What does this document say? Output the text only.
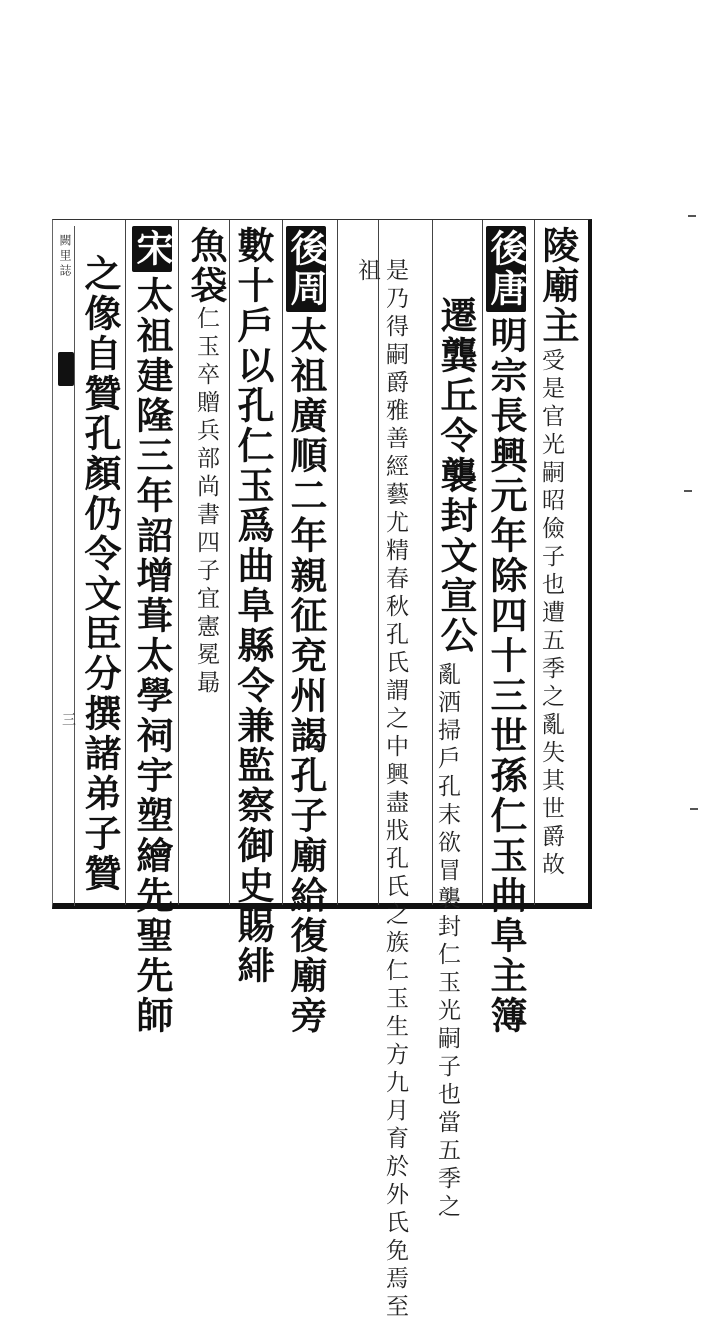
闕里誌
三
陵廟主
光嗣昭儉子也遭五季之亂失其世爵故
受是官
後唐明宗長興元年除四十三世孫仁玉曲阜主簿
遷龔丘令襲封文宣公
仁玉光嗣子也當五季之
亂洒掃戶孔末欲冒襲封
盡戕孔氏之族仁玉生方九月育於外氏免焉至
是乃得嗣爵雅善經藝尤精春秋孔氏謂之中興
祖
後周太祖廣順二年親征兗州謁孔子廟給復廟旁
數十戶以孔仁玉爲曲阜縣令兼監察御史賜緋
魚袋仁玉卒贈兵部尚書四子宜憲冕朂
宋太祖建隆三年詔增葺太學祠宇塑繪先聖先師
之像自贊孔顏仍令文臣分撰諸弟子贊
